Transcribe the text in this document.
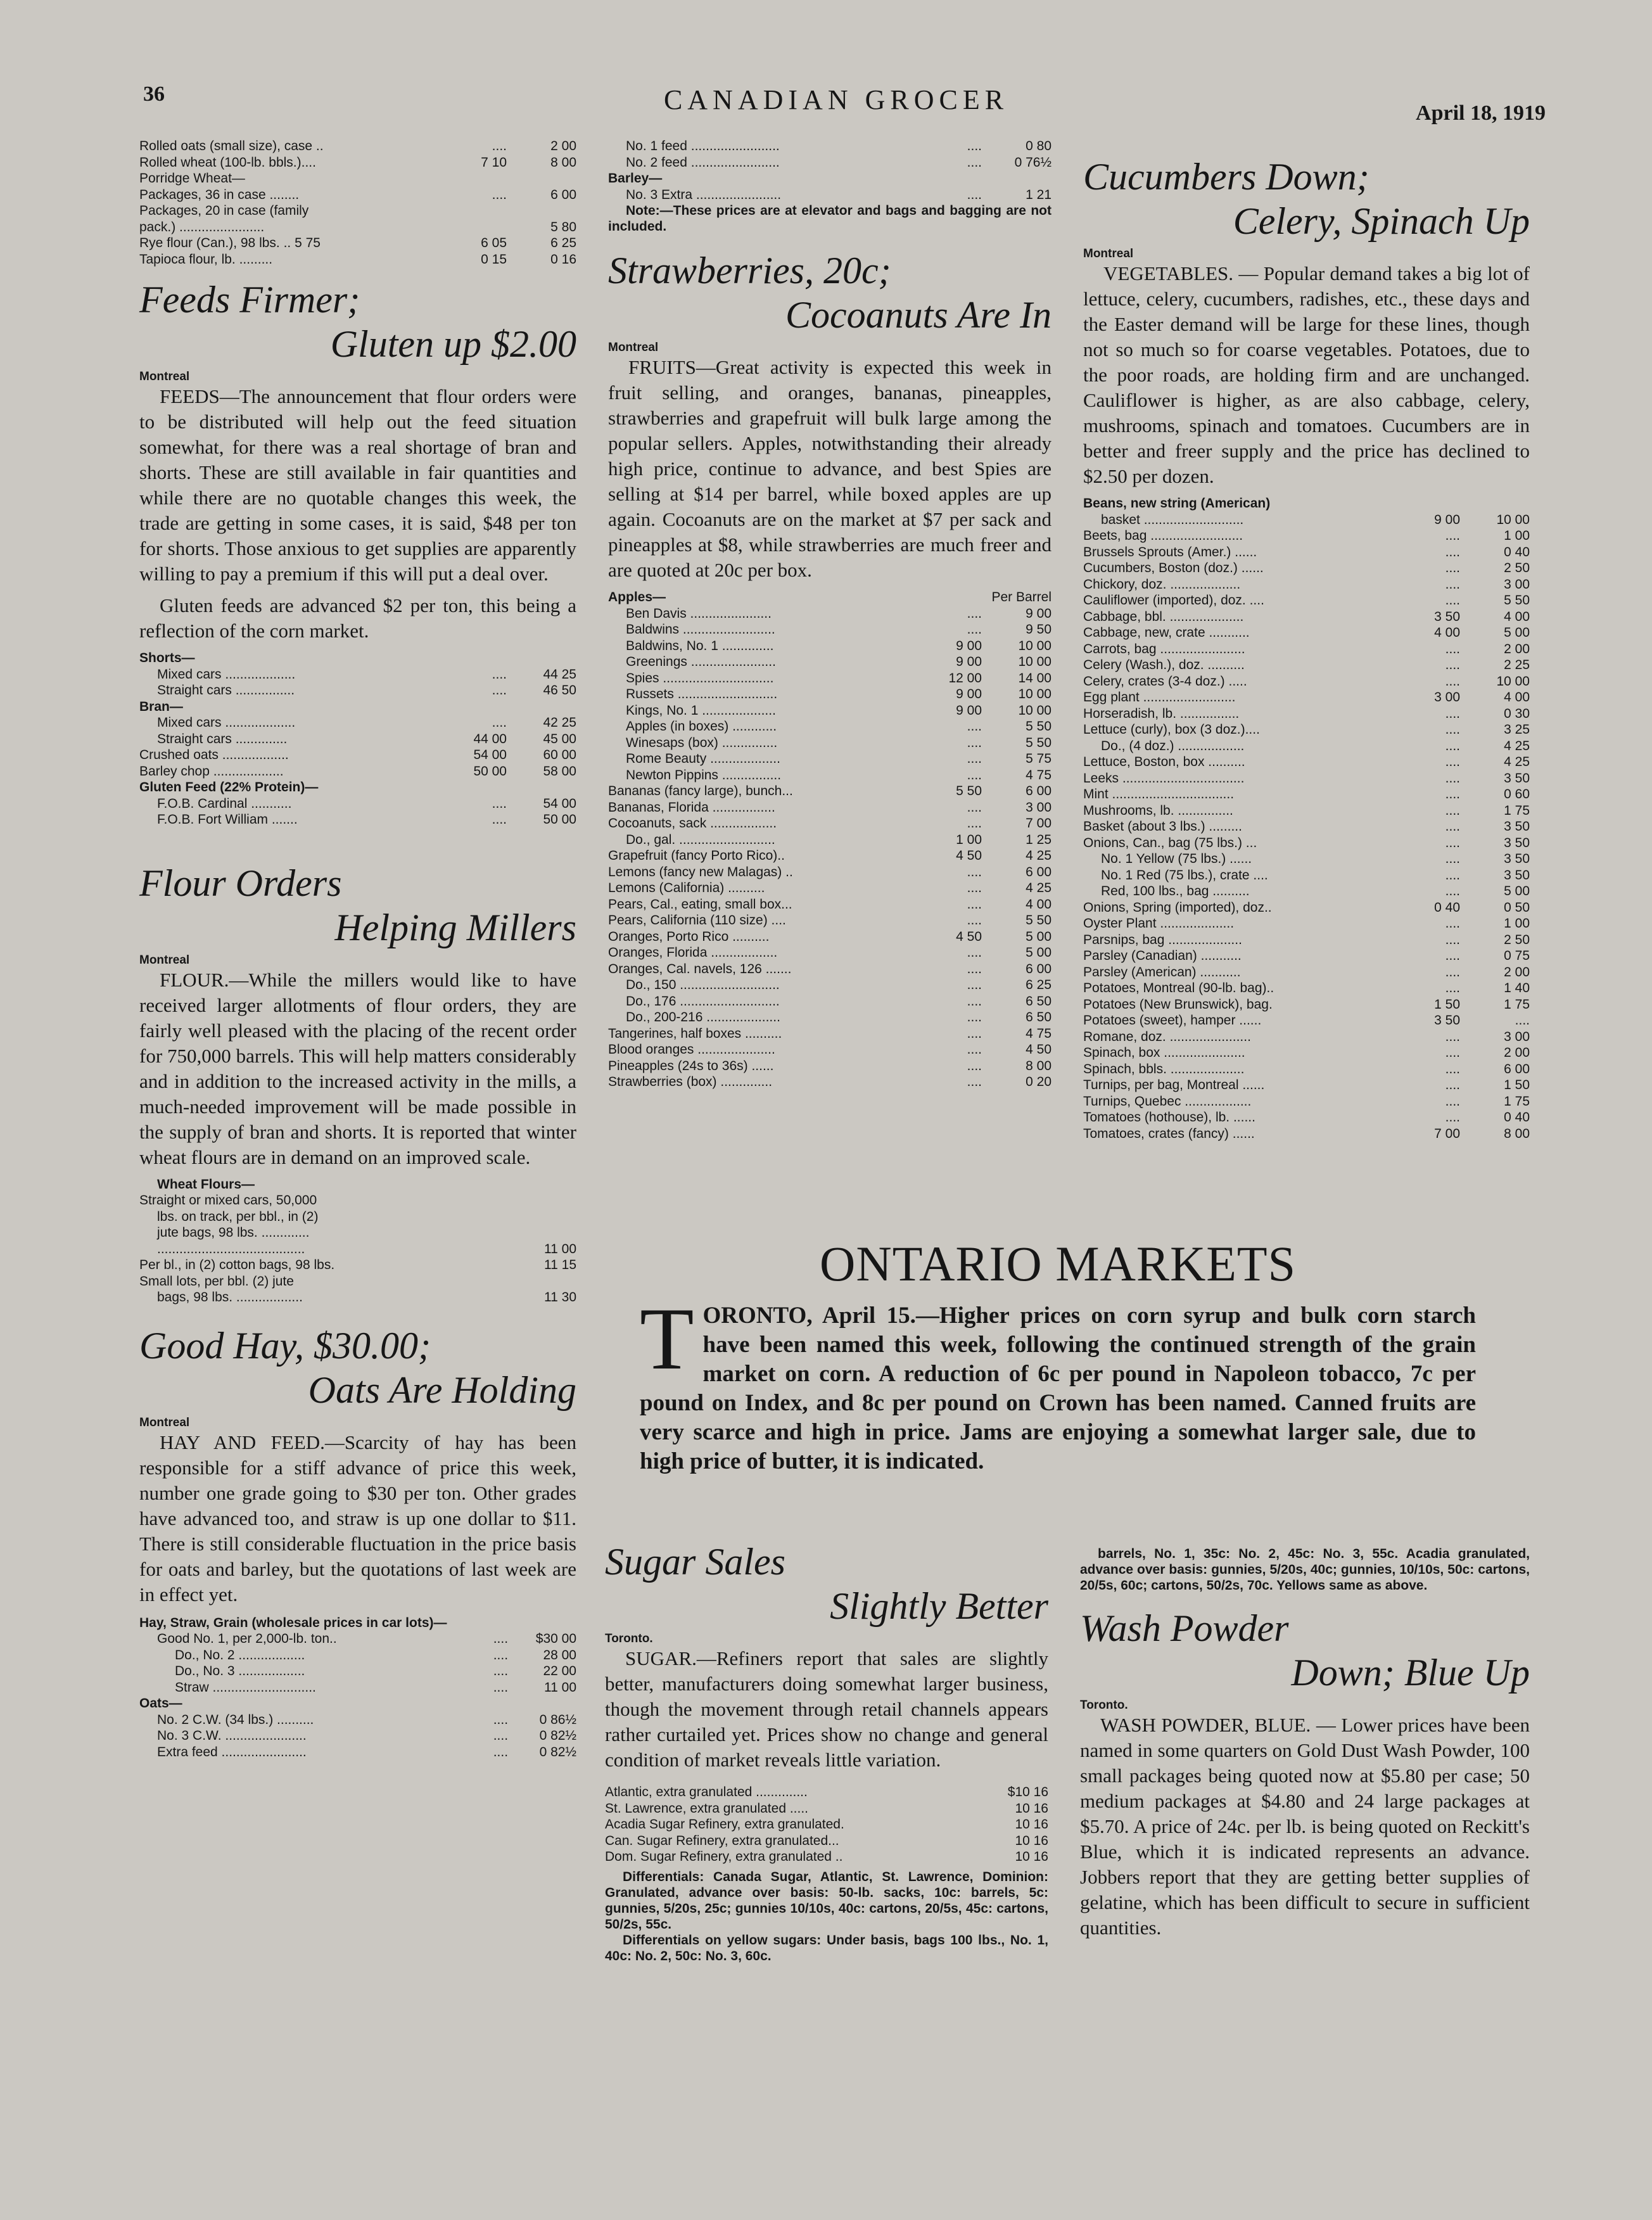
36	CANADIAN GROCER	April 18, 1919
Rolled oats (small size), case ..	....	2 00
Rolled wheat (100-lb. bbls.)....	7 10	8 00
Porridge Wheat—		
Packages, 36 in case ........	....	6 00
Packages, 20 in case (family		
pack.) .......................		5 80
Rye flour (Can.), 98 lbs. .. 5 75	6 05	6 25
Tapioca flour, lb. .........	0 15	0 16
Feeds Firmer;
Gluten up $2.00
Montreal

FEEDS—The announcement that flour orders were to be distributed will help out the feed situation somewhat, for there was a real shortage of bran and shorts. These are still available in fair quantities and while there are no quotable changes this week, the trade are getting in some cases, it is said, $48 per ton for shorts. Those anxious to get supplies are apparently willing to pay a premium if this will put a deal over.

Gluten feeds are advanced $2 per ton, this being a reflection of the corn market.

Shorts—		
Mixed cars ...................	....	44 25
Straight cars ................	....	46 50
Bran—		
Mixed cars ...................	....	42 25
Straight cars ..............	44 00	45 00
Crushed oats ..................	54 00	60 00
Barley chop ...................	50 00	58 00
Gluten Feed (22% Protein)—		
F.O.B. Cardinal ...........	....	54 00
F.O.B. Fort William .......	....	50 00
Flour Orders
Helping Millers
Montreal

FLOUR.—While the millers would like to have received larger allotments of flour orders, they are fairly well pleased with the placing of the recent order for 750,000 barrels. This will help matters considerably and in addition to the increased activity in the mills, a much-needed improvement will be made possible in the supply of bran and shorts. It is reported that winter wheat flours are in demand on an improved scale.

Wheat Flours—	
Straight or mixed cars, 50,000	
lbs. on track, per bbl., in (2)	
jute bags, 98 lbs. .............	
........................................	11 00
Per bl., in (2) cotton bags, 98 lbs.	11 15
Small lots, per bbl. (2) jute	
bags, 98 lbs. ..................	11 30
Good Hay, $30.00;
Oats Are Holding
Montreal

HAY AND FEED.—Scarcity of hay has been responsible for a stiff advance of price this week, number one grade going to $30 per ton. Other grades have advanced too, and straw is up one dollar to $11. There is still considerable fluctuation in the price basis for oats and barley, but the quotations of last week are in effect yet.

Hay, Straw, Grain (wholesale prices in car lots)—		
Good No. 1, per 2,000-lb. ton..	....	$30 00
Do., No. 2 ..................	....	28 00
Do., No. 3 ..................	....	22 00
Straw ............................	....	11 00
Oats—		
No. 2 C.W. (34 lbs.) ..........	....	0 86½
No. 3 C.W. ......................	....	0 82½
Extra feed .......................	....	0 82½
No. 1 feed ........................	....	0 80
No. 2 feed ........................	....	0 76½
Barley—		
No. 3 Extra .......................	....	1 21
Note:—These prices are at elevator and bags and bagging are not included.
Strawberries, 20c;
Cocoanuts Are In
Montreal

FRUITS—Great activity is expected this week in fruit selling, and oranges, bananas, pineapples, strawberries and grapefruit will bulk large among the popular sellers. Apples, notwithstanding their already high price, continue to advance, and best Spies are selling at $14 per barrel, while boxed apples are up again. Cocoanuts are on the market at $7 per sack and pineapples at $8, while strawberries are much freer and are quoted at 20c per box.

Apples—	Per Barrel
Ben Davis ......................	....	9 00
Baldwins .........................	....	9 50
Baldwins, No. 1 ..............	9 00	10 00
Greenings .......................	9 00	10 00
Spies ..............................	12 00	14 00
Russets ...........................	9 00	10 00
Kings, No. 1 ....................	9 00	10 00
Apples (in boxes) ............	....	5 50
Winesaps (box) ...............	....	5 50
Rome Beauty ...................	....	5 75
Newton Pippins ................	....	4 75
Bananas (fancy large), bunch...	5 50	6 00
Bananas, Florida .................	....	3 00
Cocoanuts, sack ..................	....	7 00
Do., gal. ..........................	1 00	1 25
Grapefruit (fancy Porto Rico)..	4 50	4 25
Lemons (fancy new Malagas) ..	....	6 00
Lemons (California) ..........	....	4 25
Pears, Cal., eating, small box...	....	4 00
Pears, California (110 size) ....	....	5 50
Oranges, Porto Rico ..........	4 50	5 00
Oranges, Florida ..................	....	5 00
Oranges, Cal. navels, 126 .......	....	6 00
Do., 150 ...........................	....	6 25
Do., 176 ...........................	....	6 50
Do., 200-216 ....................	....	6 50
Tangerines, half boxes ..........	....	4 75
Blood oranges .....................	....	4 50
Pineapples (24s to 36s) ......	....	8 00
Strawberries (box) ..............	....	0 20
Cucumbers Down;
Celery, Spinach Up
Montreal

VEGETABLES. — Popular demand takes a big lot of lettuce, celery, cucumbers, radishes, etc., these days and the Easter demand will be large for these lines, though not so much so for coarse vegetables. Potatoes, due to the poor roads, are holding firm and are unchanged. Cauliflower is higher, as are also cabbage, celery, mushrooms, spinach and tomatoes. Cucumbers are in better and freer supply and the price has declined to $2.50 per dozen.

Beans, new string (American)		
basket ...........................	9 00	10 00
Beets, bag .........................	....	1 00
Brussels Sprouts (Amer.) ......	....	0 40
Cucumbers, Boston (doz.) ......	....	2 50
Chickory, doz. ...................	....	3 00
Cauliflower (imported), doz. ....	....	5 50
Cabbage, bbl. ....................	3 50	4 00
Cabbage, new, crate ...........	4 00	5 00
Carrots, bag .......................	....	2 00
Celery (Wash.), doz. ..........	....	2 25
Celery, crates (3-4 doz.) .....	....	10 00
Egg plant .........................	3 00	4 00
Horseradish, lb. ................	....	0 30
Lettuce (curly), box (3 doz.)....	....	3 25
Do., (4 doz.) ..................	....	4 25
Lettuce, Boston, box ..........	....	4 25
Leeks .................................	....	3 50
Mint .................................	....	0 60
Mushrooms, lb. ...............	....	1 75
Basket (about 3 lbs.) .........	....	3 50
Onions, Can., bag (75 lbs.) ...	....	3 50
No. 1 Yellow (75 lbs.) ......	....	3 50
No. 1 Red (75 lbs.), crate ....	....	3 50
Red, 100 lbs., bag ..........	....	5 00
Onions, Spring (imported), doz..	0 40	0 50
Oyster Plant ....................	....	1 00
Parsnips, bag ....................	....	2 50
Parsley (Canadian) ...........	....	0 75
Parsley (American) ...........	....	2 00
Potatoes, Montreal (90-lb. bag)..	....	1 40
Potatoes (New Brunswick), bag.	1 50	1 75
Potatoes (sweet), hamper ......	3 50	....
Romane, doz. ......................	....	3 00
Spinach, box ......................	....	2 00
Spinach, bbls. ....................	....	6 00
Turnips, per bag, Montreal ......	....	1 50
Turnips, Quebec ..................	....	1 75
Tomatoes (hothouse), lb. ......	....	0 40
Tomatoes, crates (fancy) ......	7 00	8 00
ONTARIO MARKETS
TORONTO, April 15.—Higher prices on corn syrup and bulk corn starch have been named this week, following the continued strength of the grain market on corn. A reduction of 6c per pound in Napoleon tobacco, 7c per pound on Index, and 8c per pound on Crown has been named. Canned fruits are very scarce and high in price. Jams are enjoying a somewhat larger sale, due to high price of butter, it is indicated.
Sugar Sales
Slightly Better
Toronto.

SUGAR.—Refiners report that sales are slightly better, manufacturers doing somewhat larger business, though the movement through retail channels appears rather curtailed yet. Prices show no change and general condition of market reveals little variation.

Atlantic, extra granulated ..............	$10 16
St. Lawrence, extra granulated .....	10 16
Acadia Sugar Refinery, extra granulated.	10 16
Can. Sugar Refinery, extra granulated...	10 16
Dom. Sugar Refinery, extra granulated ..	10 16
Differentials: Canada Sugar, Atlantic, St. Lawrence, Dominion: Granulated, advance over basis: 50-lb. sacks, 10c: barrels, 5c: gunnies, 5/20s, 25c; gunnies 10/10s, 40c: cartons, 20/5s, 45c: cartons, 50/2s, 55c.
Differentials on yellow sugars: Under basis, bags 100 lbs., No. 1, 40c: No. 2, 50c: No. 3, 60c.
barrels, No. 1, 35c: No. 2, 45c: No. 3, 55c. Acadia granulated, advance over basis: gunnies, 5/20s, 40c; gunnies, 10/10s, 50c: cartons, 20/5s, 60c; cartons, 50/2s, 70c. Yellows same as above.
Wash Powder
Down; Blue Up
Toronto.

WASH POWDER, BLUE. — Lower prices have been named in some quarters on Gold Dust Wash Powder, 100 small packages being quoted now at $5.80 per case; 50 medium packages at $4.80 and 24 large packages at $5.70. A price of 24c. per lb. is being quoted on Reckitt's Blue, which it is indicated represents an advance. Jobbers report that they are getting better supplies of gelatine, which has been difficult to secure in sufficient quantities.
